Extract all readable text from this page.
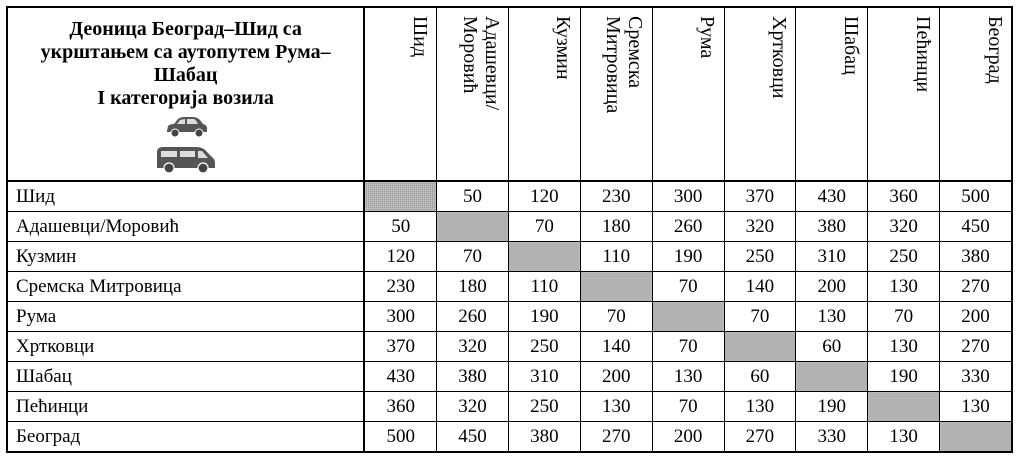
Деоница Београд–Шид са
укрштањем са аутопутем Рума–
Шабац
I категорија возила	Шид	Адашевци/ Моровић	Кузмин	Сремска Митровица	Рума	Хртковци	Шабац	Пећинци	Београд

Шид		50	120	230	300	370	430	360	500
Адашевци/Моровић	50		70	180	260	320	380	320	450
Кузмин	120	70		110	190	250	310	250	380
Сремска Митровица	230	180	110		70	140	200	130	270
Рума	300	260	190	70		70	130	70	200
Хртковци	370	320	250	140	70		60	130	270
Шабац	430	380	310	200	130	60		190	330
Пећинци	360	320	250	130	70	130	190		130
Београд	500	450	380	270	200	270	330	130	
